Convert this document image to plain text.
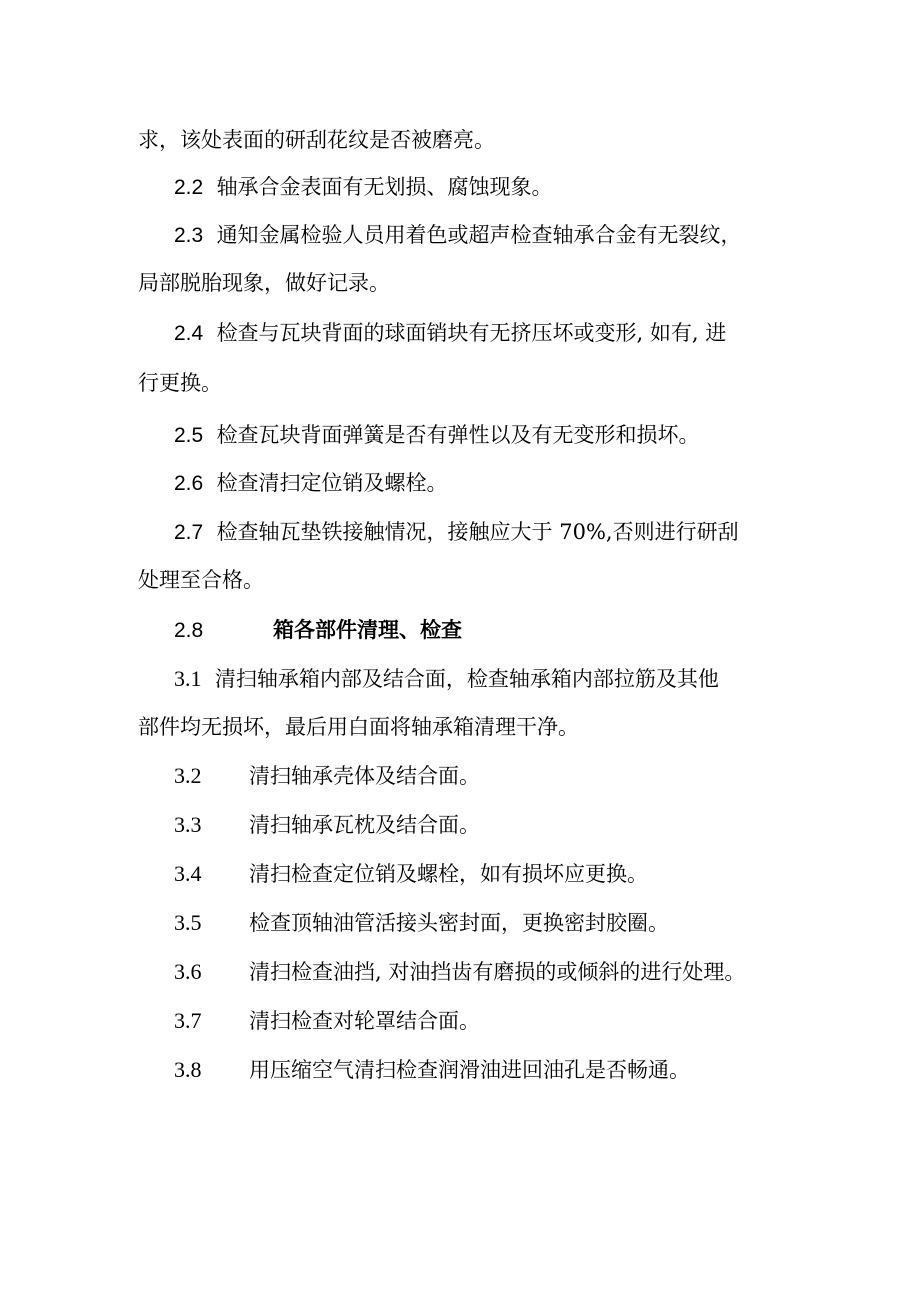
求，该处表面的研刮花纹是否被磨亮。
2.2 轴承合金表面有无划损、腐蚀现象。
2.3 通知金属检验人员用着色或超声检查轴承合金有无裂纹，
局部脱胎现象，做好记录。
2.4 检查与瓦块背面的球面销块有无挤压坏或变形, 如有, 进
行更换。
2.5 检查瓦块背面弹簧是否有弹性以及有无变形和损坏。
2.6 检查清扫定位销及螺栓。
2.7 检查轴瓦垫铁接触情况，接触应大于 70%,否则进行研刮
处理至合格。
2.8	箱各部件清理、检查
3.1 清扫轴承箱内部及结合面，检查轴承箱内部拉筋及其他
部件均无损坏，最后用白面将轴承箱清理干净。
3.2 清扫轴承壳体及结合面。
3.3 清扫轴承瓦枕及结合面。
3.4 清扫检查定位销及螺栓，如有损坏应更换。
3.5 检查顶轴油管活接头密封面，更换密封胶圈。
3.6 清扫检查油挡, 对油挡齿有磨损的或倾斜的进行处理。
3.7 清扫检查对轮罩结合面。
3.8 用压缩空气清扫检查润滑油进回油孔是否畅通。
